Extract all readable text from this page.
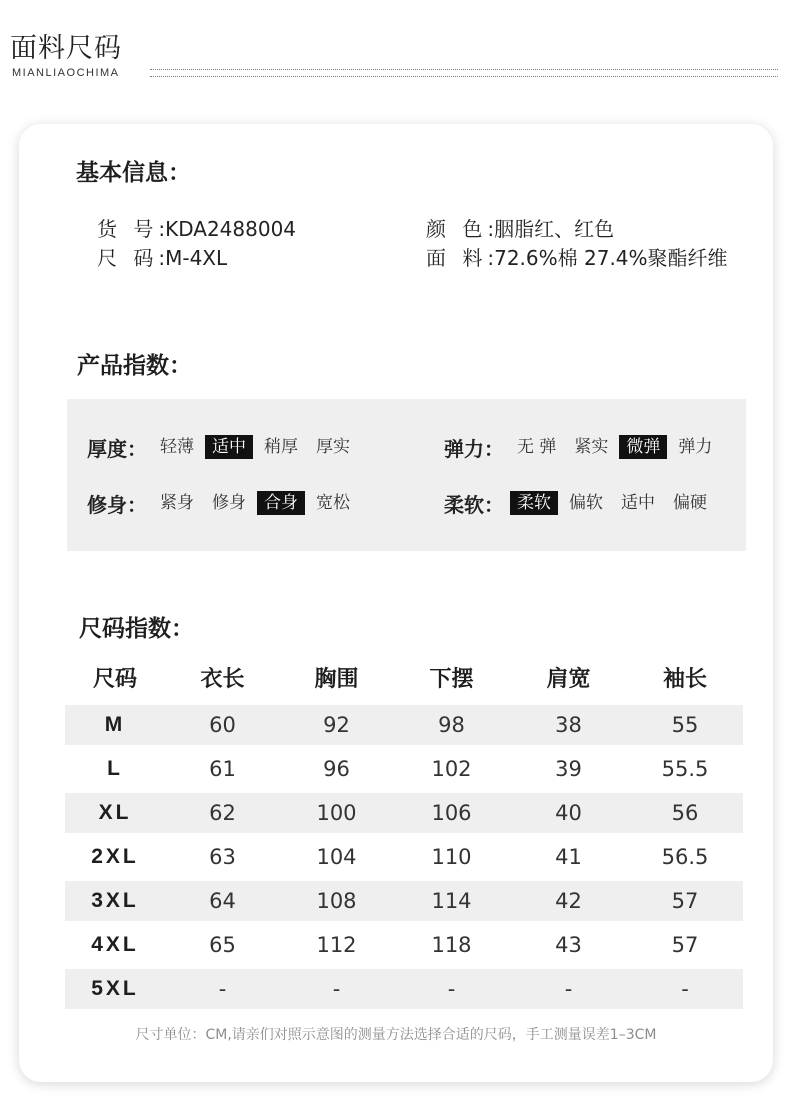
面料尺码
MIANLIAOCHIMA
基本信息：
货 号:KDA2488004
尺 码:M-4XL
颜 色:胭脂红、红色
面 料:72.6%棉 27.4%聚酯纤维
产品指数：
厚度： 轻薄	适中	稍厚	厚实	弹力： 无 弹	紧实	微弹	弹力
修身： 紧身	修身	合身	宽松	柔软： 柔软	偏软	适中	偏硬
尺码指数：
尺码	衣长	胸围	下摆	肩宽	袖长
M	60	92	98	38	55
L	61	96	102	39	55.5
XL	62	100	106	40	56
2XL	63	104	110	41	56.5
3XL	64	108	114	42	57
4XL	65	112	118	43	57
5XL	-	-	-	-	-
尺寸单位：CM,请亲们对照示意图的测量方法选择合适的尺码，手工测量误差1–3CM
